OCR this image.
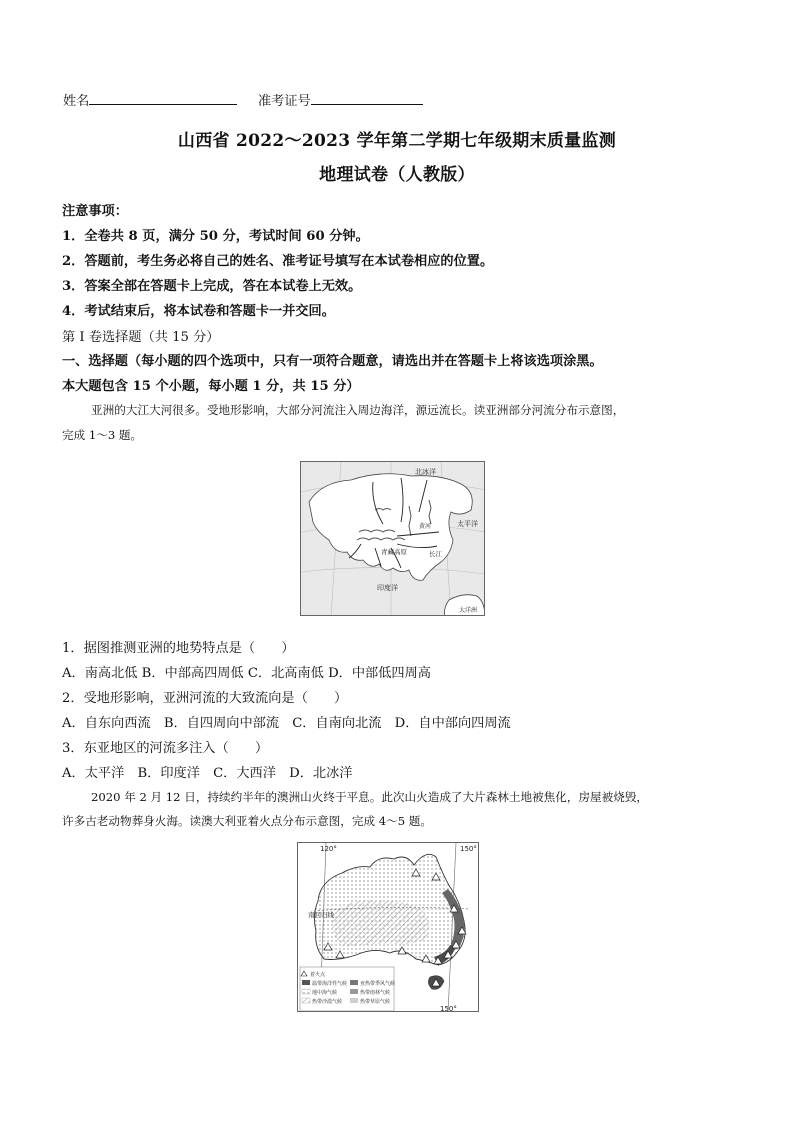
姓名	准考证号
山西省 2022～2023 学年第二学期七年级期末质量监测
地理试卷（人教版）
注意事项：
1．全卷共 8 页，满分 50 分，考试时间 60 分钟。
2．答题前，考生务必将自己的姓名、准考证号填写在本试卷相应的位置。
3．答案全部在答题卡上完成，答在本试卷上无效。
4．考试结束后，将本试卷和答题卡一并交回。
第 I 卷选择题（共 15 分）
一、选择题（每小题的四个选项中，只有一项符合题意，请选出并在答题卡上将该选项涂黑。
本大题包含 15 个小题，每小题 1 分，共 15 分）
亚洲的大江大河很多。受地形影响，大部分河流注入周边海洋，源远流长。读亚洲部分河流分布示意图，
完成 1～3 题。
北冰洋
太平洋
青藏高原	长江
印度洋
大洋洲
黄河
1．据图推测亚洲的地势特点是（　　）
A．南高北低 B．中部高四周低 C．北高南低 D．中部低四周高
2．受地形影响，亚洲河流的大致流向是（　　）
A．自东向西流　B．自四周向中部流　C．自南向北流　D．自中部向四周流
3．东亚地区的河流多注入（　　）
A．太平洋　B．印度洋　C．大西洋　D．北冰洋
2020 年 2 月 12 日，持续约半年的澳洲山火终于平息。此次山火造成了大片森林土地被焦化，房屋被烧毁，
许多古老动物葬身火海。读澳大利亚着火点分布示意图，完成 4～5 题。
120°	150°
150°
南回归线
着火点
温带海洋性气候	亚热带季风气候
地中海气候	热带雨林气候
热带沙漠气候	热带草原气候
